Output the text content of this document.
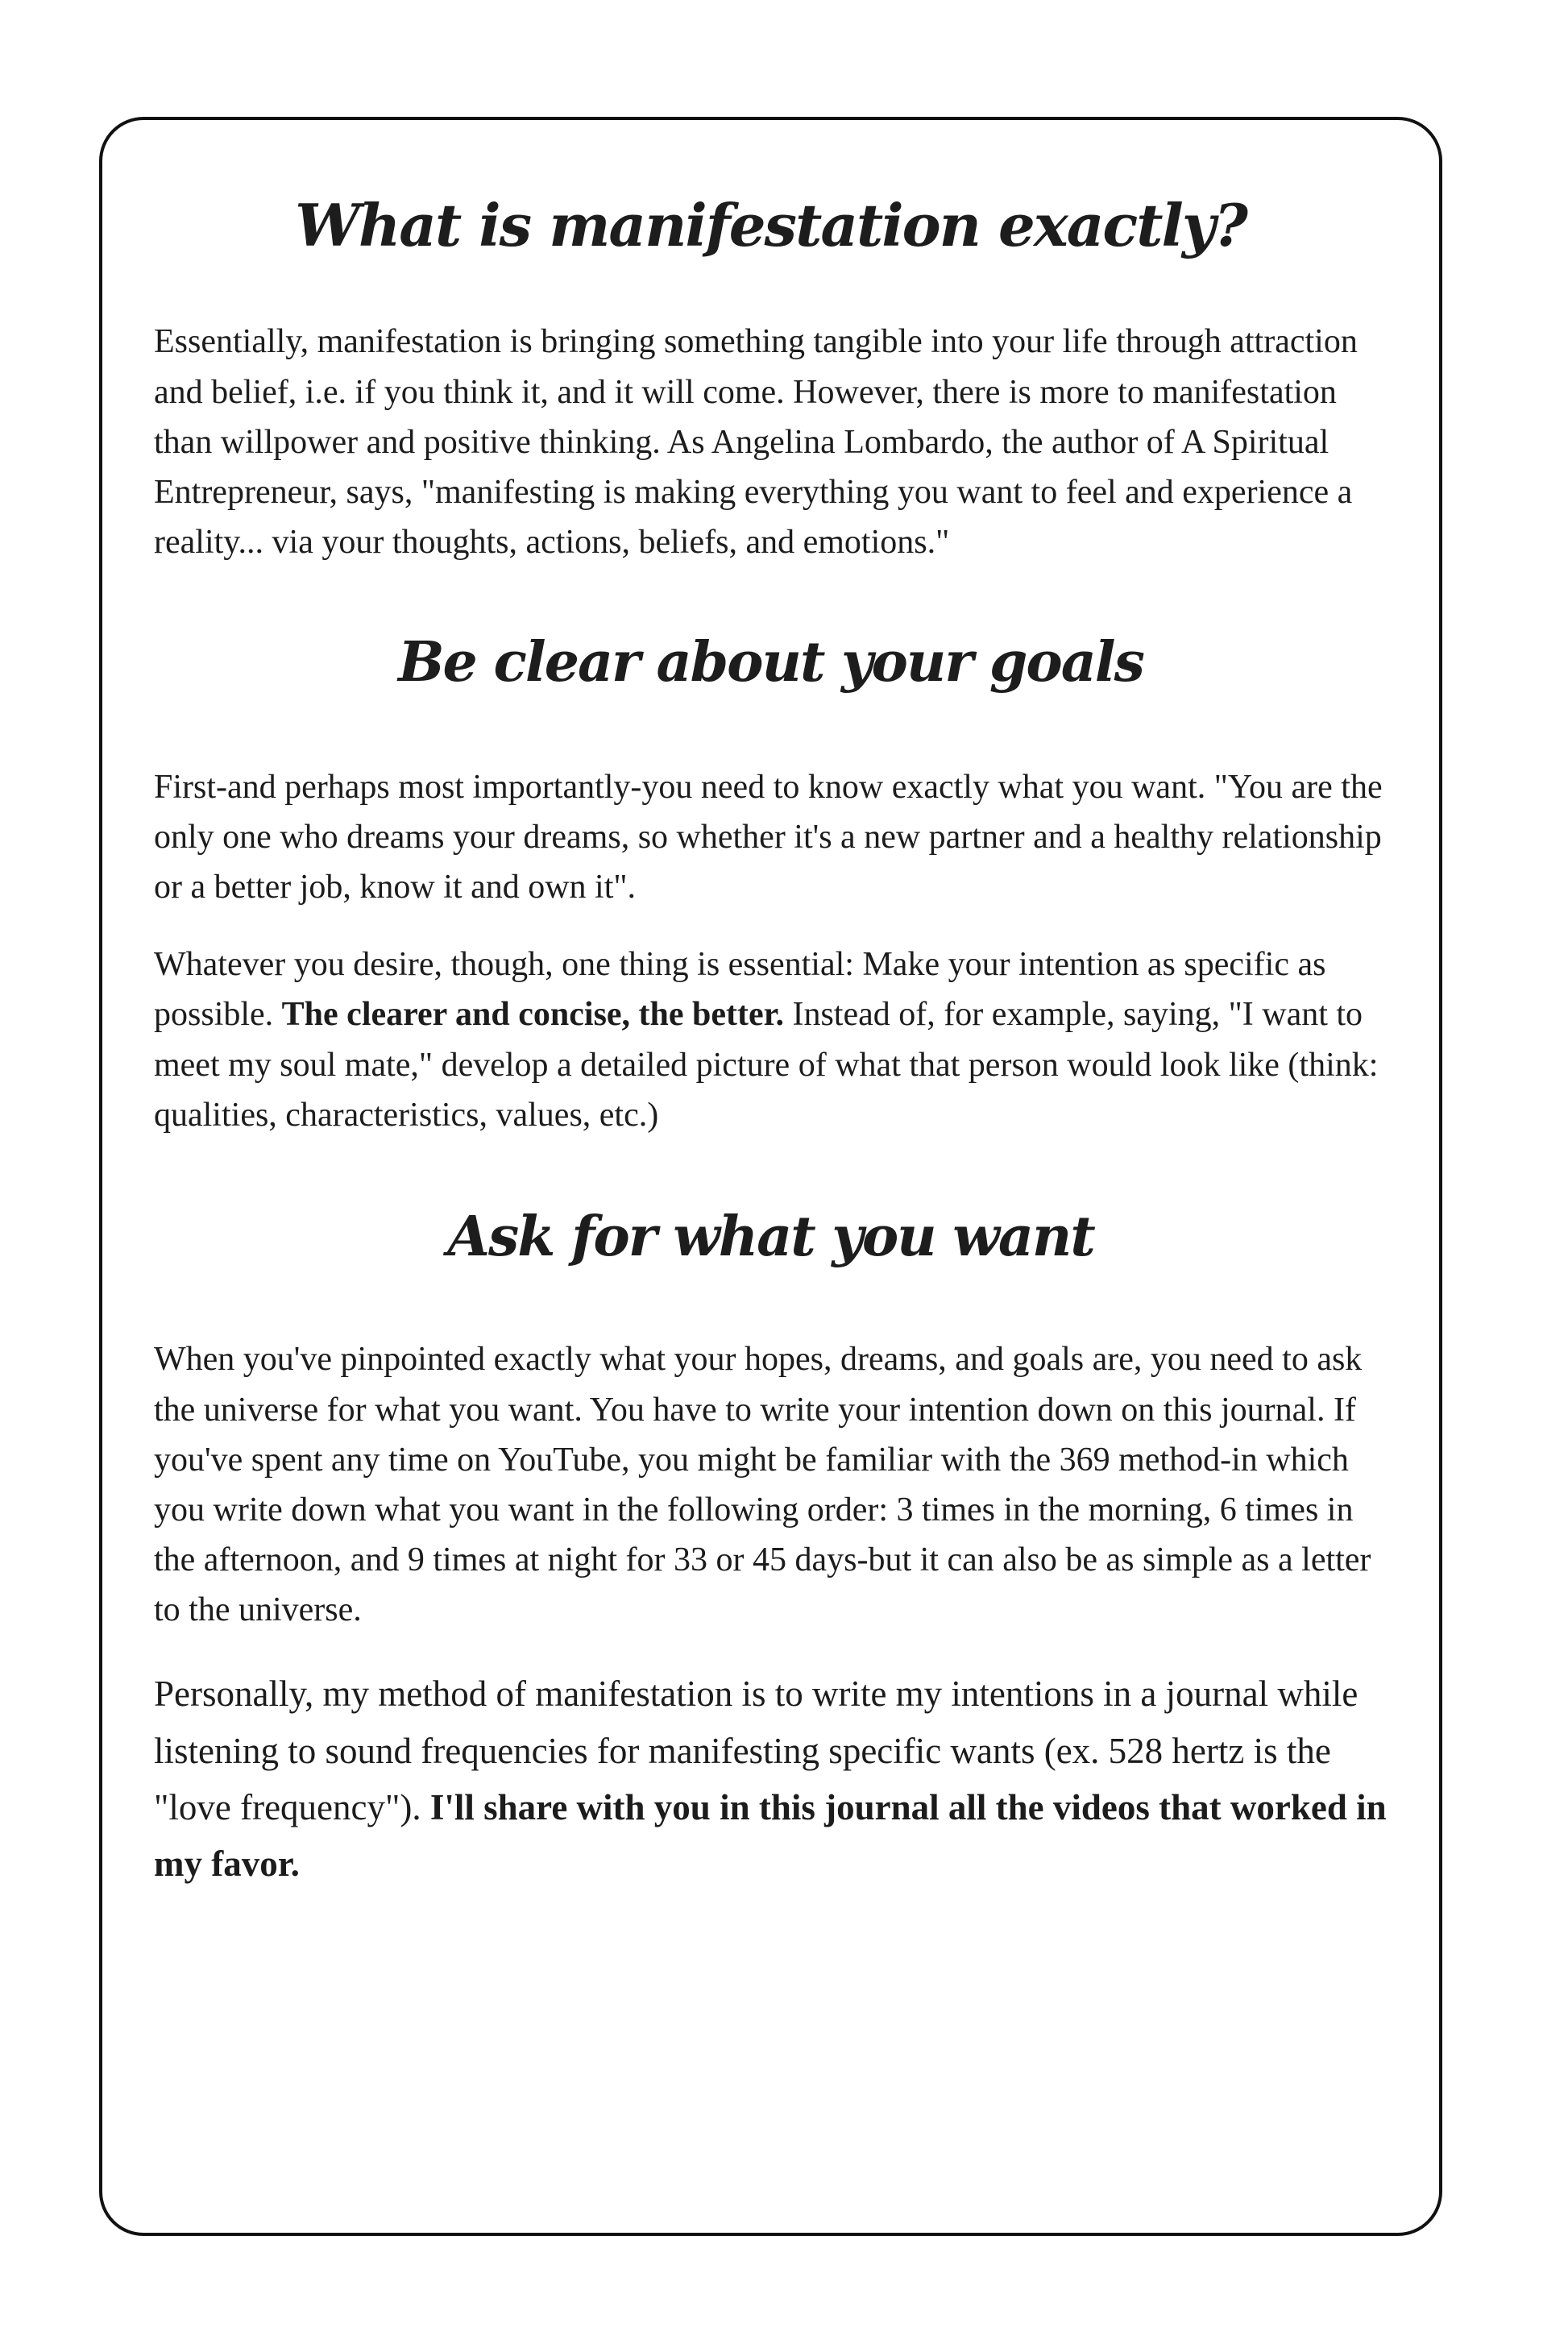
What is manifestation exactly?

Essentially, manifestation is bringing something tangible into your life through attraction and belief, i.e. if you think it, and it will come. However, there is more to manifestation than willpower and positive thinking. As Angelina Lombardo, the author of A Spiritual Entrepreneur, says, "manifesting is making everything you want to feel and experience a reality... via your thoughts, actions, beliefs, and emotions."

Be clear about your goals

First-and perhaps most importantly-you need to know exactly what you want. "You are the only one who dreams your dreams, so whether it's a new partner and a healthy relationship or a better job, know it and own it".

Whatever you desire, though, one thing is essential: Make your intention as specific as possible. The clearer and concise, the better. Instead of, for example, saying, "I want to meet my soul mate," develop a detailed picture of what that person would look like (think: qualities, characteristics, values, etc.)

Ask for what you want

When you've pinpointed exactly what your hopes, dreams, and goals are, you need to ask the universe for what you want. You have to write your intention down on this journal. If you've spent any time on YouTube, you might be familiar with the 369 method-in which you write down what you want in the following order: 3 times in the morning, 6 times in the afternoon, and 9 times at night for 33 or 45 days-but it can also be as simple as a letter to the universe.

Personally, my method of manifestation is to write my intentions in a journal while listening to sound frequencies for manifesting specific wants (ex. 528 hertz is the "love frequency"). I'll share with you in this journal all the videos that worked in my favor.
